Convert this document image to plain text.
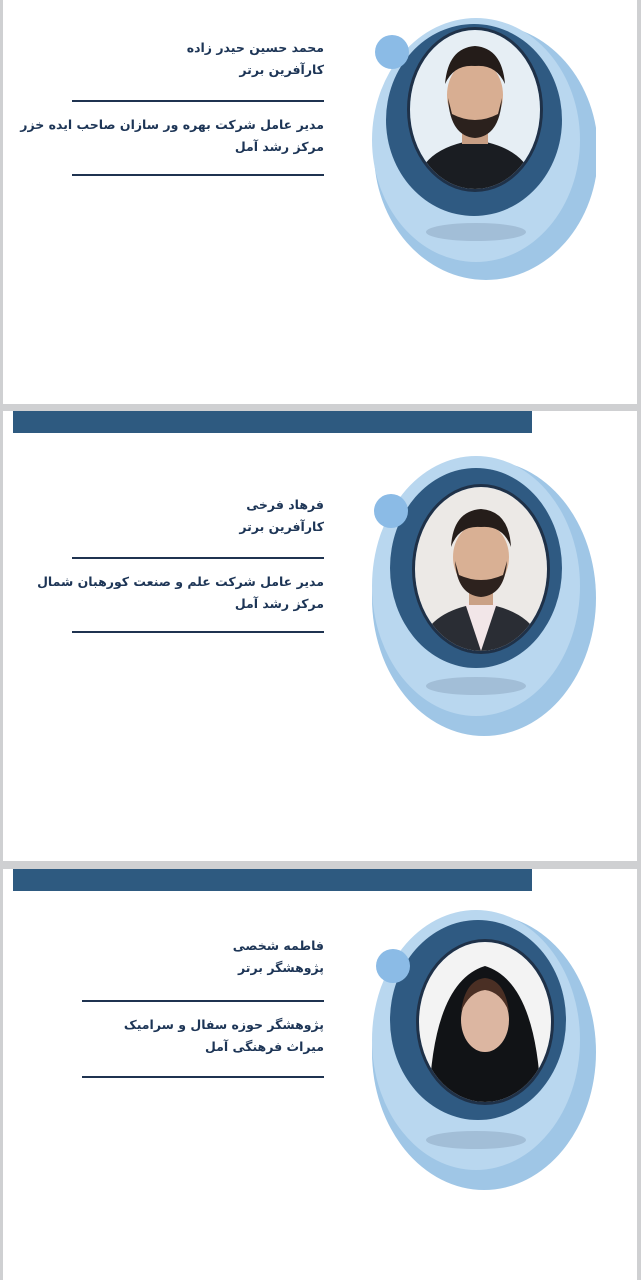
محمد حسین حیدر زاده
کارآفرین برتر
مدیر عامل شرکت بهره ور سازان صاحب ایده خزر
مرکز رشد آمل
فرهاد فرخی
کارآفرین برتر
مدیر عامل شرکت علم و صنعت کورهبان شمال
مرکز رشد آمل
فاطمه شخصی
پژوهشگر برتر
پژوهشگر حوزه سفال و سرامیک
میراث فرهنگی آمل
